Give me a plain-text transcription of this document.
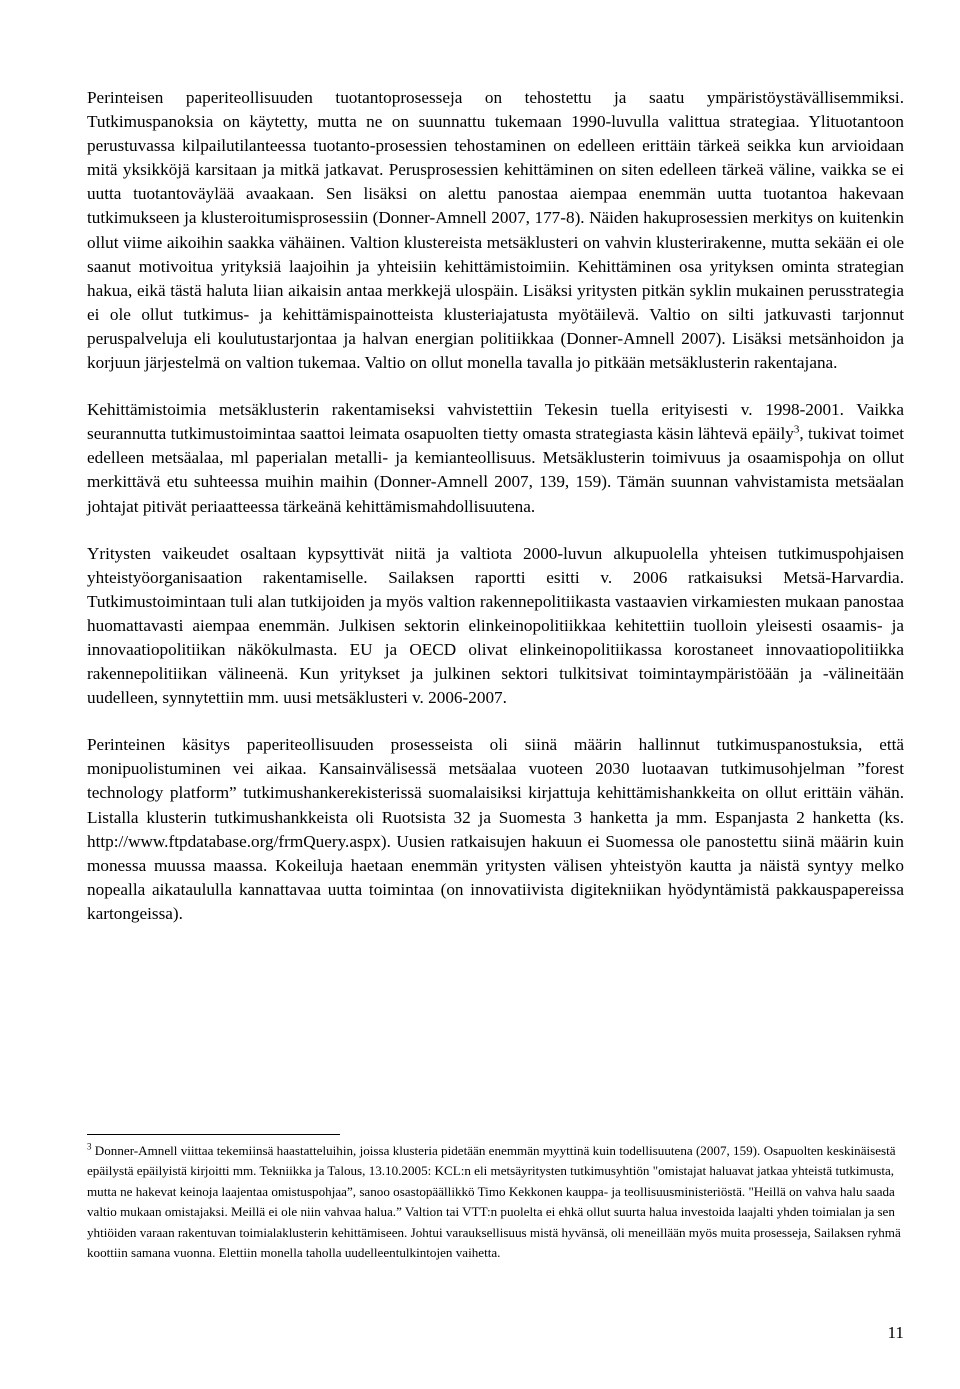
Perinteisen paperiteollisuuden tuotantoprosesseja on tehostettu ja saatu ympäristöystävällisemmiksi. Tutkimuspanoksia on käytetty, mutta ne on suunnattu tukemaan 1990-luvulla valittua strategiaa. Ylituotantoon perustuvassa kilpailutilanteessa tuotanto-prosessien tehostaminen on edelleen erittäin tärkeä seikka kun arvioidaan mitä yksikköjä karsitaan ja mitkä jatkavat. Perusprosessien kehittäminen on siten edelleen tärkeä väline, vaikka se ei uutta tuotantoväylää avaakaan. Sen lisäksi on alettu panostaa aiempaa enemmän uutta tuotantoa hakevaan tutkimukseen ja klusteroitumisprosessiin (Donner-Amnell 2007, 177-8). Näiden hakuprosessien merkitys on kuitenkin ollut viime aikoihin saakka vähäinen. Valtion klustereista metsäklusteri on vahvin klusterirakenne, mutta sekään ei ole saanut motivoitua yrityksiä laajoihin ja yhteisiin kehittämistoimiin. Kehittäminen osa yrityksen ominta strategian hakua, eikä tästä haluta liian aikaisin antaa merkkejä ulospäin. Lisäksi yritysten pitkän syklin mukainen perusstrategia ei ole ollut tutkimus- ja kehittämispainotteista klusteriajatusta myötäilevä. Valtio on silti jatkuvasti tarjonnut peruspalveluja eli koulutustarjontaa ja halvan energian politiikkaa (Donner-Amnell 2007). Lisäksi metsänhoidon ja korjuun järjestelmä on valtion tukemaa. Valtio on ollut monella tavalla jo pitkään metsäklusterin rakentajana.

Kehittämistoimia metsäklusterin rakentamiseksi vahvistettiin Tekesin tuella erityisesti v. 1998-2001. Vaikka seurannutta tutkimustoimintaa saattoi leimata osapuolten tietty omasta strategiasta käsin lähtevä epäily$^3$, tukivat toimet edelleen metsäalaa, ml paperialan metalli- ja kemianteollisuus. Metsäklusterin toimivuus ja osaamispohja on ollut merkittävä etu suhteessa muihin maihin (Donner-Amnell 2007, 139, 159). Tämän suunnan vahvistamista metsäalan johtajat pitivät periaatteessa tärkeänä kehittämismahdollisuutena.

Yritysten vaikeudet osaltaan kypsyttivät niitä ja valtiota 2000-luvun alkupuolella yhteisen tutkimuspohjaisen yhteistyöorganisaation rakentamiselle. Sailaksen raportti esitti v. 2006 ratkaisuksi Metsä-Harvardia. Tutkimustoimintaan tuli alan tutkijoiden ja myös valtion rakennepolitiikasta vastaavien virkamiesten mukaan panostaa huomattavasti aiempaa enemmän. Julkisen sektorin elinkeinopolitiikkaa kehitettiin tuolloin yleisesti osaamis- ja innovaatiopolitiikan näkökulmasta. EU ja OECD olivat elinkeinopolitiikassa korostaneet innovaatiopolitiikka rakennepolitiikan välineenä. Kun yritykset ja julkinen sektori tulkitsivat toimintaympäristöään ja -välineitään uudelleen, synnytettiin mm. uusi metsäklusteri v. 2006-2007.

Perinteinen käsitys paperiteollisuuden prosesseista oli siinä määrin hallinnut tutkimuspanostuksia, että monipuolistuminen vei aikaa. Kansainvälisessä metsäalaa vuoteen 2030 luotaavan tutkimusohjelman ”forest technology platform” tutkimushankerekisterissä suomalaisiksi kirjattuja kehittämishankkeita on ollut erittäin vähän. Listalla klusterin tutkimushankkeista oli Ruotsista 32 ja Suomesta 3 hanketta ja mm. Espanjasta 2 hanketta (ks. http://www.ftpdatabase.org/frmQuery.aspx). Uusien ratkaisujen hakuun ei Suomessa ole panostettu siinä määrin kuin monessa muussa maassa. Kokeiluja haetaan enemmän yritysten välisen yhteistyön kautta ja näistä syntyy melko nopealla aikataululla kannattavaa uutta toimintaa (on innovatiivista digitekniikan hyödyntämistä pakkauspapereissa kartongeissa).

$^3$ Donner-Amnell viittaa tekemiinsä haastatteluihin, joissa klusteria pidetään enemmän myyttinä kuin todellisuutena (2007, 159). Osapuolten keskinäisestä epäilystä epäilyistä kirjoitti mm. Tekniikka ja Talous, 13.10.2005: KCL:n eli metsäyritysten tutkimusyhtiön "omistajat haluavat jatkaa yhteistä tutkimusta, mutta ne hakevat keinoja laajentaa omistuspohjaa”, sanoo osastopäällikkö Timo Kekkonen kauppa- ja teollisuusministeriöstä. "Heillä on vahva halu saada valtio mukaan omistajaksi. Meillä ei ole niin vahvaa halua.” Valtion tai VTT:n puolelta ei ehkä ollut suurta halua investoida laajalti yhden toimialan ja sen yhtiöiden varaan rakentuvan toimialaklusterin kehittämiseen. Johtui varauksellisuus mistä hyvänsä, oli meneillään myös muita prosesseja, Sailaksen ryhmä koottiin samana vuonna. Elettiin monella taholla uudelleentulkintojen vaihetta.
11
